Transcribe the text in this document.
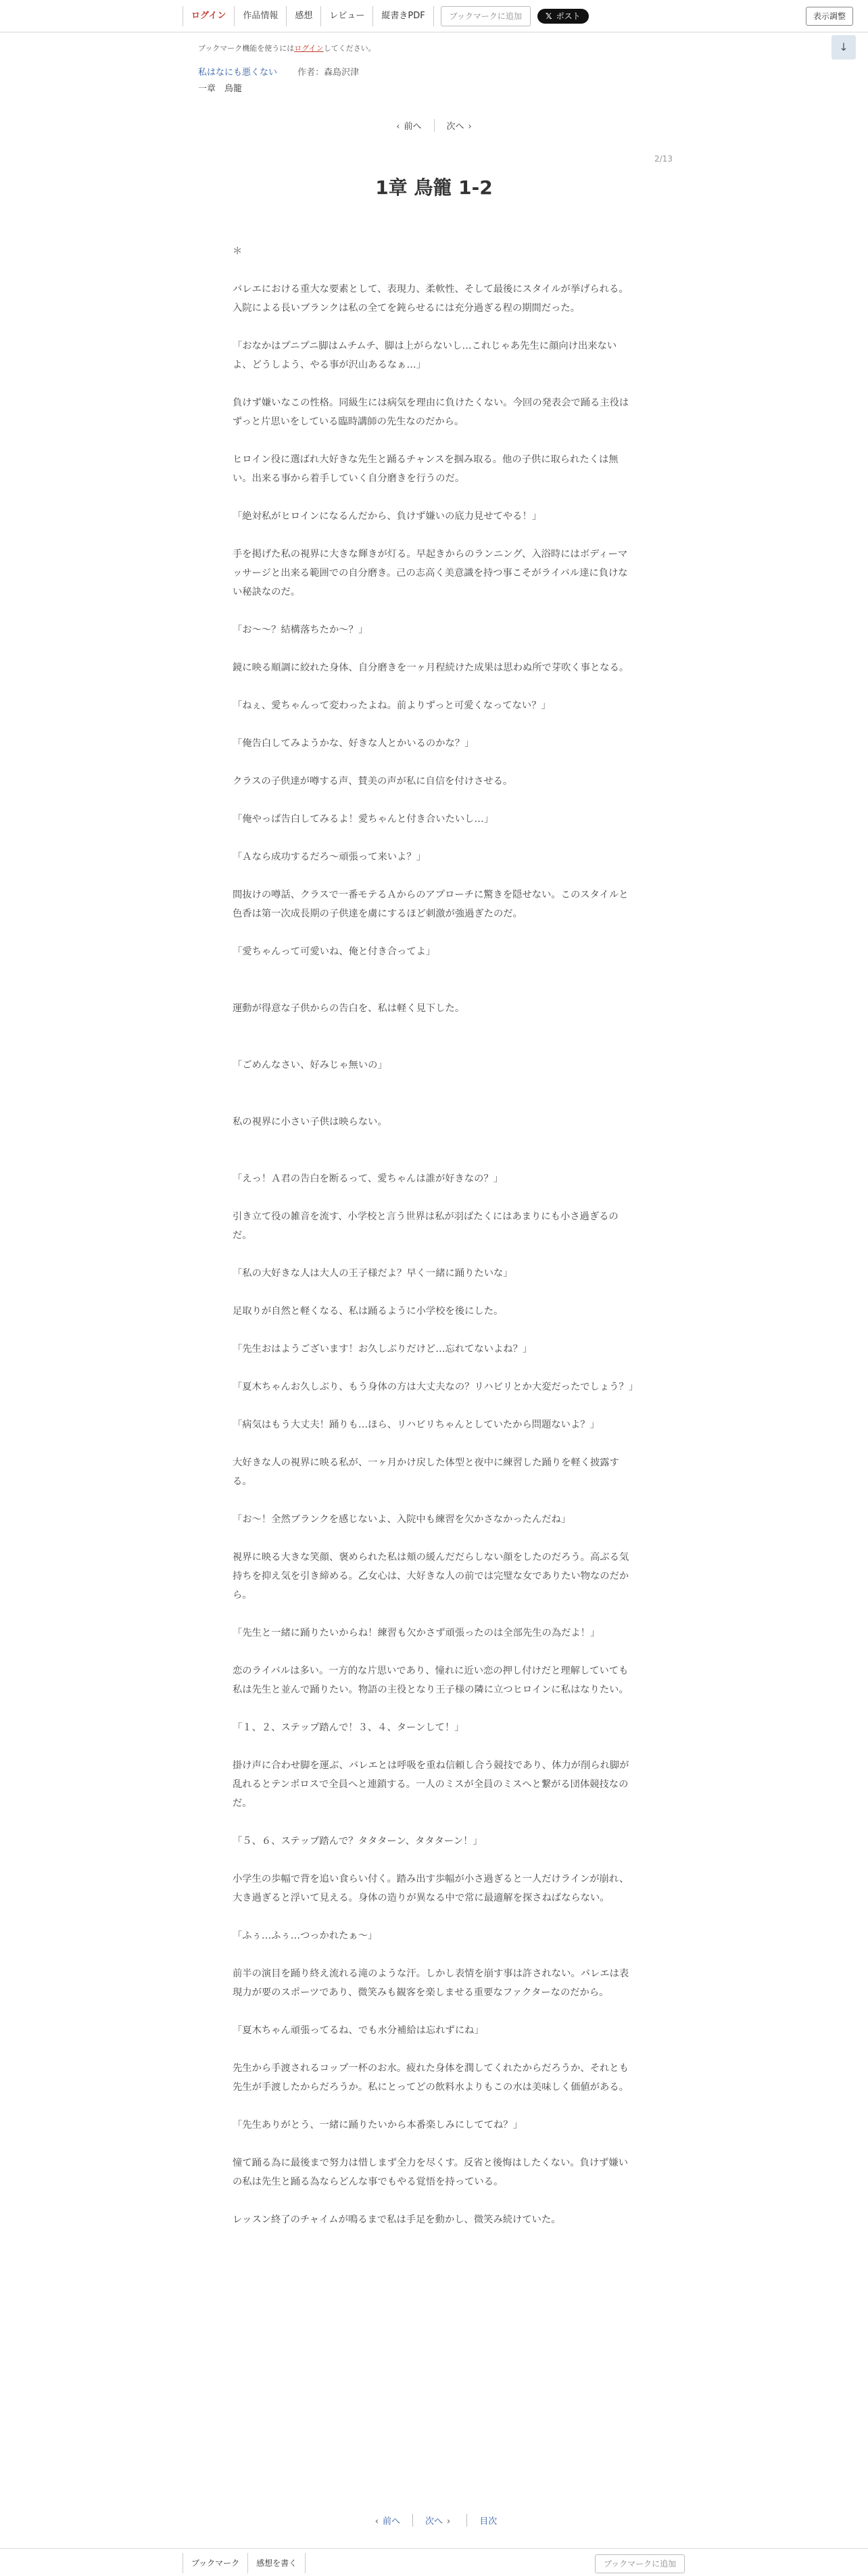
ログイン	作品情報	感想	レビュー	縦書きPDF	ブックマークに追加	𝕏 ポスト	表示調整
↓
ブックマーク機能を使うにはログインしてください。
私はなにも悪くない 作者：森島沢津
一章　鳥籠
‹ 前へ	次へ ›
2/13
1章 鳥籠 1-2

＊

バレエにおける重大な要素として、表現力、柔軟性、そして最後にスタイルが挙げられる。入院による長いブランクは私の全てを鈍らせるには充分過ぎる程の期間だった。

「おなかはプニプニ脚はムチムチ、脚は上がらないし…これじゃあ先生に顔向け出来ないよ、どうしよう、やる事が沢山あるなぁ…」

負けず嫌いなこの性格。同級生には病気を理由に負けたくない。今回の発表会で踊る主役はずっと片思いをしている臨時講師の先生なのだから。

ヒロイン役に選ばれ大好きな先生と踊るチャンスを掴み取る。他の子供に取られたくは無い。出来る事から着手していく自分磨きを行うのだ。

「絶対私がヒロインになるんだから、負けず嫌いの底力見せてやる！」

手を掲げた私の視界に大きな輝きが灯る。早起きからのランニング、入浴時にはボディーマッサージと出来る範囲での自分磨き。己の志高く美意識を持つ事こそがライバル達に負けない秘訣なのだ。

「お〜〜？結構落ちたか〜？」

鏡に映る順調に絞れた身体、自分磨きを一ヶ月程続けた成果は思わぬ所で芽吹く事となる。

「ねぇ、愛ちゃんって変わったよね。前よりずっと可愛くなってない？」

「俺告白してみようかな、好きな人とかいるのかな？」

クラスの子供達が噂する声、賛美の声が私に自信を付けさせる。

「俺やっぱ告白してみるよ！愛ちゃんと付き合いたいし…」

「Ａなら成功するだろ〜頑張って来いよ？」

間抜けの噂話、クラスで一番モテるＡからのアプローチに驚きを隠せない。このスタイルと色香は第一次成長期の子供達を虜にするほど刺激が強過ぎたのだ。

「愛ちゃんって可愛いね、俺と付き合ってよ」

運動が得意な子供からの告白を、私は軽く見下した。

「ごめんなさい、好みじゃ無いの」

私の視界に小さい子供は映らない。

「えっ！Ａ君の告白を断るって、愛ちゃんは誰が好きなの？」

引き立て役の雑音を流す、小学校と言う世界は私が羽ばたくにはあまりにも小さ過ぎるのだ。

「私の大好きな人は大人の王子様だよ？早く一緒に踊りたいな」

足取りが自然と軽くなる、私は踊るように小学校を後にした。

「先生おはようございます！お久しぶりだけど…忘れてないよね？」

「夏木ちゃんお久しぶり、もう身体の方は大丈夫なの？リハビリとか大変だったでしょう？」

「病気はもう大丈夫！踊りも…ほら、リハビリちゃんとしていたから問題ないよ？」

大好きな人の視界に映る私が、一ヶ月かけ戻した体型と夜中に練習した踊りを軽く披露する。

「お〜！全然ブランクを感じないよ、入院中も練習を欠かさなかったんだね」

視界に映る大きな笑顔、褒められた私は頬の緩んだだらしない顔をしたのだろう。高ぶる気持ちを抑え気を引き締める。乙女心は、大好きな人の前では完璧な女でありたい物なのだから。

「先生と一緒に踊りたいからね！練習も欠かさず頑張ったのは全部先生の為だよ！」

恋のライバルは多い。一方的な片思いであり、憧れに近い恋の押し付けだと理解していても私は先生と並んで踊りたい。物語の主役となり王子様の隣に立つヒロインに私はなりたい。

「１、２、ステップ踏んで！３、４、ターンして！」

掛け声に合わせ脚を運ぶ、バレエとは呼吸を重ね信頼し合う競技であり、体力が削られ脚が乱れるとテンポロスで全員へと連鎖する。一人のミスが全員のミスへと繋がる団体競技なのだ。

「５、６、ステップ踏んで？タタターン、タタターン！」

小学生の歩幅で背を追い食らい付く。踏み出す歩幅が小さ過ぎると一人だけラインが崩れ、大き過ぎると浮いて見える。身体の造りが異なる中で常に最適解を探さねばならない。

「ふぅ…ふぅ…つっかれたぁ〜」

前半の演目を踊り終え流れる滝のような汗。しかし表情を崩す事は許されない。バレエは表現力が要のスポーツであり、微笑みも観客を楽しませる重要なファクターなのだから。

「夏木ちゃん頑張ってるね、でも水分補給は忘れずにね」

先生から手渡されるコップ一杯のお水。疲れた身体を潤してくれたからだろうか、それとも先生が手渡したからだろうか。私にとってどの飲料水よりもこの水は美味しく価値がある。

「先生ありがとう、一緒に踊りたいから本番楽しみにしててね？」

憧て踊る為に最後まで努力は惜しまず全力を尽くす。反省と後悔はしたくない。負けず嫌いの私は先生と踊る為ならどんな事でもやる覚悟を持っている。

レッスン終了のチャイムが鳴るまで私は手足を動かし、微笑み続けていた。

‹ 前へ	次へ ›	目次
ブックマーク	感想を書く	ブックマークに追加
